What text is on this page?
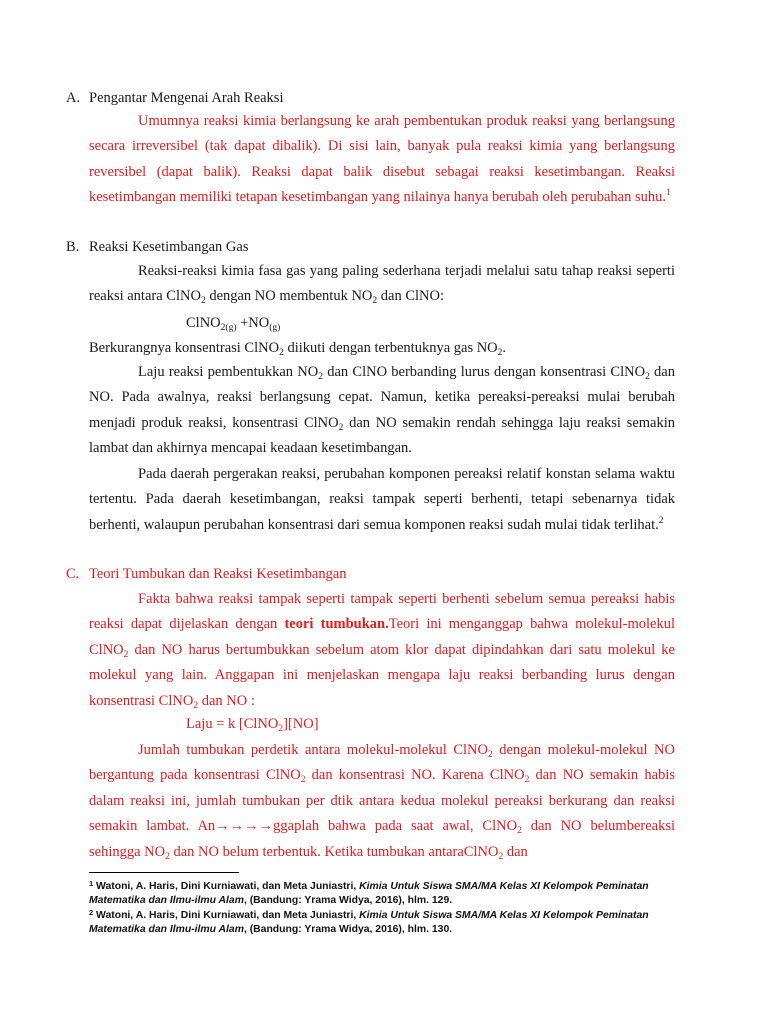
A. Pengantar Mengenai Arah Reaksi

Umumnya reaksi kimia berlangsung ke arah pembentukan produk reaksi yang berlangsung secara irreversibel (tak dapat dibalik). Di sisi lain, banyak pula reaksi kimia yang berlangsung reversibel (dapat balik). Reaksi dapat balik disebut sebagai reaksi kesetimbangan. Reaksi kesetimbangan memiliki tetapan kesetimbangan yang nilainya hanya berubah oleh perubahan suhu.$^1$

B. Reaksi Kesetimbangan Gas

Reaksi-reaksi kimia fasa gas yang paling sederhana terjadi melalui satu tahap reaksi seperti reaksi antara ClNO$_2$ dengan NO membentuk $NO_2$ dan ClNO:

ClNO$_{2(g)}$ $+NO_{(g)}$
Berkurangnya konsentrasi ClNO$_2$ diikuti dengan terbentuknya gas $NO_2$.

Laju reaksi pembentukkan $NO_2$ dan ClNO berbanding lurus dengan konsentrasi ClNO$_2$ dan NO. Pada awalnya, reaksi berlangsung cepat. Namun, ketika pereaksi-pereaksi mulai berubah menjadi produk reaksi, konsentrasi ClNO$_2$ dan NO semakin rendah sehingga laju reaksi semakin lambat dan akhirnya mencapai keadaan kesetimbangan.

Pada daerah pergerakan reaksi, perubahan komponen pereaksi relatif konstan selama waktu tertentu. Pada daerah kesetimbangan, reaksi tampak seperti berhenti, tetapi sebenarnya tidak berhenti, walaupun perubahan konsentrasi dari semua komponen reaksi sudah mulai tidak terlihat.$^2$

C. Teori Tumbukan dan Reaksi Kesetimbangan

Fakta bahwa reaksi tampak seperti tampak seperti berhenti sebelum semua pereaksi habis reaksi dapat dijelaskan dengan teori tumbukan.Teori ini menganggap bahwa molekul-molekul ClNO$_2$ dan NO harus bertumbukkan sebelum atom klor dapat dipindahkan dari satu molekul ke molekul yang lain. Anggapan ini menjelaskan mengapa laju reaksi berbanding lurus dengan konsentrasi ClNO$_2$ dan NO :

Laju = k [ClNO$_2$][NO]

Jumlah tumbukan perdetik antara molekul-molekul ClNO$_2$ dengan molekul-molekul NO bergantung pada konsentrasi ClNO$_2$ dan konsentrasi NO. Karena ClNO$_2$ dan NO semakin habis dalam reaksi ini, jumlah tumbukan per dtik antara kedua molekul pereaksi berkurang dan reaksi semakin lambat. An→→→→ggaplah bahwa pada saat awal, ClNO$_2$ dan NO belumbereaksi sehingga $NO_2$ dan NO belum terbentuk. Ketika tumbukan antaraClNO$_2$ dan

$^1$ Watoni, A. Haris, Dini Kurniawati, dan Meta Juniastri, Kimia Untuk Siswa SMA/MA Kelas XI Kelompok Peminatan Matematika dan Ilmu-ilmu Alam, (Bandung: Yrama Widya, 2016), hlm. 129.

$^2$ Watoni, A. Haris, Dini Kurniawati, dan Meta Juniastri, Kimia Untuk Siswa SMA/MA Kelas XI Kelompok Peminatan Matematika dan Ilmu-ilmu Alam, (Bandung: Yrama Widya, 2016), hlm. 130.
